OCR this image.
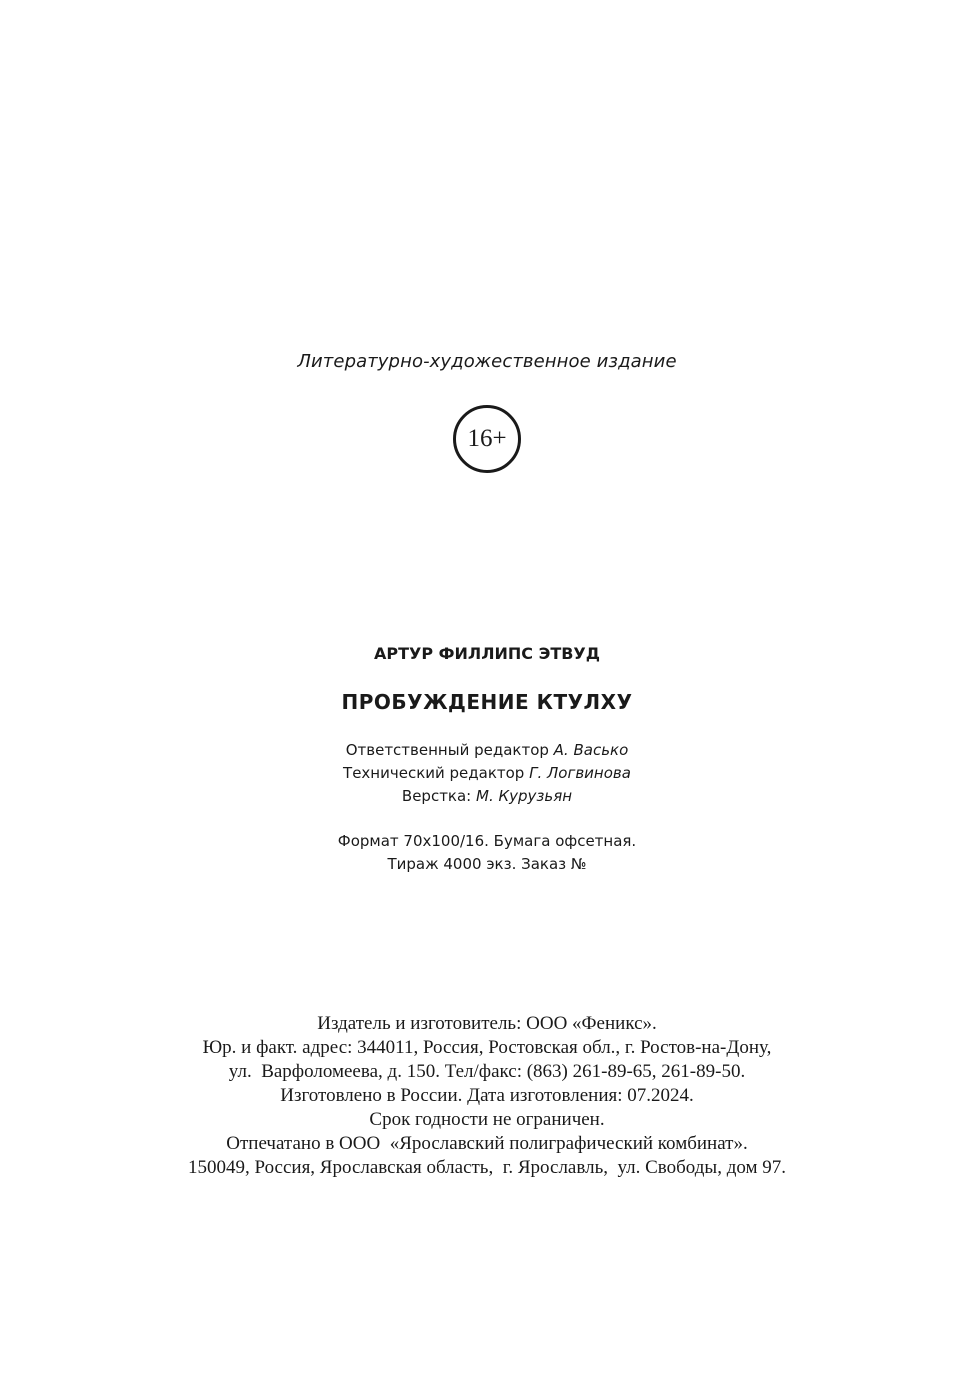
Литературно-художественное издание
16+
АРТУР ФИЛЛИПС ЭТВУД
ПРОБУЖДЕНИЕ КТУЛХУ
Ответственный редактор А. Васько
Технический редактор Г. Логвинова
Верстка: М. Курузьян
Формат 70x100/16. Бумага офсетная.
Тираж 4000 экз. Заказ №
Издатель и изготовитель: ООО «Феникс».
Юр. и факт. адрес: 344011, Россия, Ростовская обл., г. Ростов-на-Дону,
ул.  Варфоломеева, д. 150. Тел/факс: (863) 261-89-65, 261-89-50.
Изготовлено в России. Дата изготовления: 07.2024.
Срок годности не ограничен.
Отпечатано в ООО  «Ярославский полиграфический комбинат».
150049, Россия, Ярославская область,  г. Ярославль,  ул. Свободы, дом 97.
